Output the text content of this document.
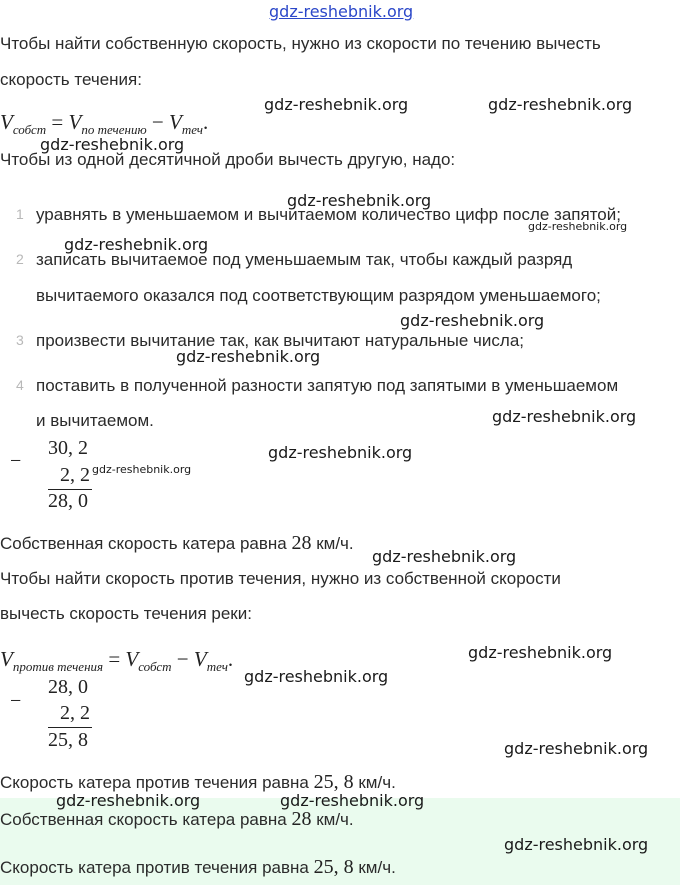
gdz-reshebnik.org
Чтобы найти собственную скорость, нужно из скорости по течению вычесть
скорость течения:
$V_{собст} = V_{по течению} - V_{теч}$.
Чтобы из одной десятичной дроби вычесть другую, надо:
1 уравнять в уменьшаемом и вычитаемом количество цифр после запятой;
2 записать вычитаемое под уменьшаемым так, чтобы каждый разряд
вычитаемого оказался под соответствующим разрядом уменьшаемого;
3 произвести вычитание так, как вычитают натуральные числа;
4 поставить в полученной разности запятую под запятыми в уменьшаемом
и вычитаемом.
−
30, 2
2, 2
28, 0
Собственная скорость катера равна 28 км/ч.
Чтобы найти скорость против течения, нужно из собственной скорости
вычесть скорость течения реки:
$V_{против течения} = V_{собст} - V_{теч}$.
−
28, 0
2, 2
25, 8
Скорость катера против течения равна 25, 8 км/ч.
Собственная скорость катера равна 28 км/ч.
Скорость катера против течения равна 25, 8 км/ч.
gdz-reshebnik.org	gdz-reshebnik.org
gdz-reshebnik.org
gdz-reshebnik.org
gdz-reshebnik.org
gdz-reshebnik.org
gdz-reshebnik.org
gdz-reshebnik.org
gdz-reshebnik.org
gdz-reshebnik.org
gdz-reshebnik.org
gdz-reshebnik.org
gdz-reshebnik.org
gdz-reshebnik.org
gdz-reshebnik.org
gdz-reshebnik.org	gdz-reshebnik.org
gdz-reshebnik.org
